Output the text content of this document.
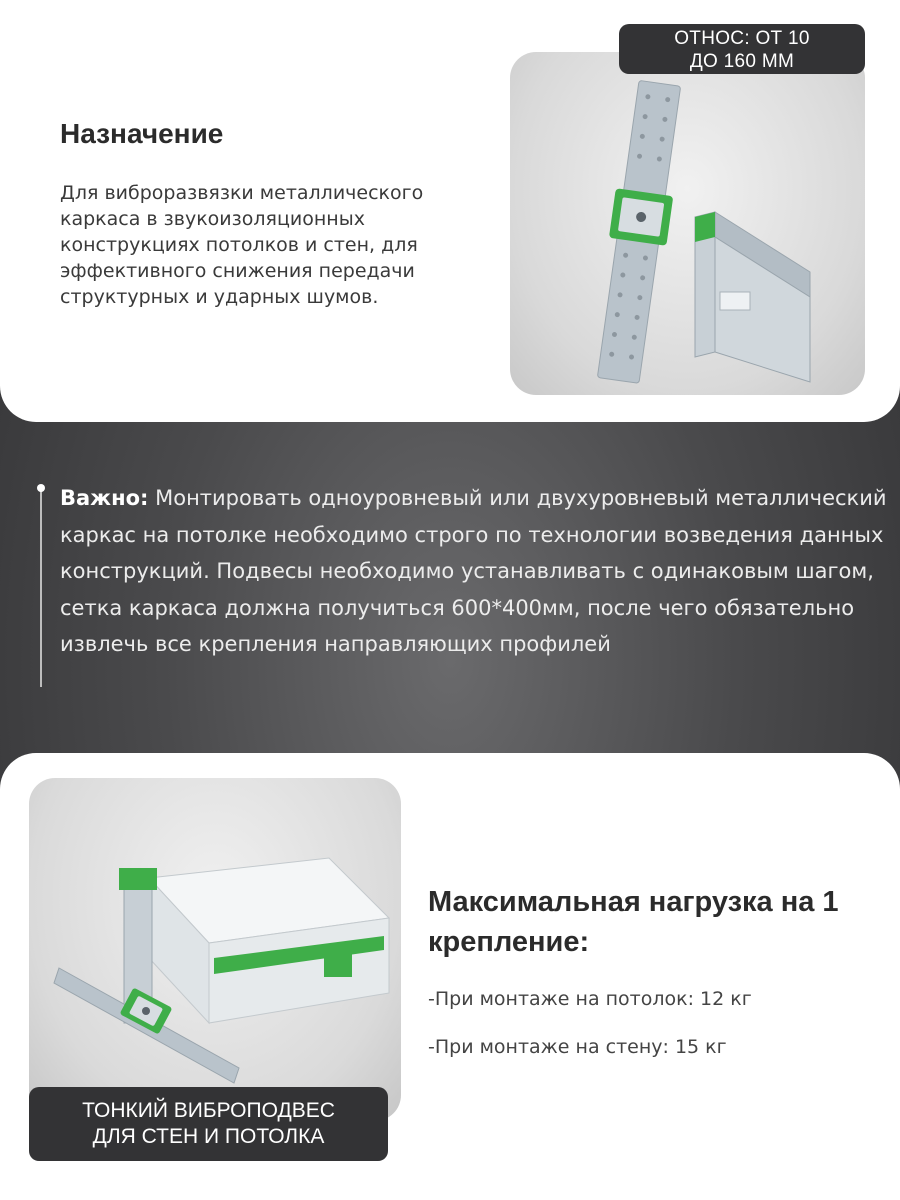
Назначение
Для виброразвязки металлического каркаса в звукоизоляционных конструкциях потолков и стен, для эффективного снижения передачи структурных и ударных шумов.
ОТНОС: ОТ 10
ДО 160 ММ
Важно: Монтировать одноуровневый или двухуровневый металлический каркас на потолке необходимо строго по технологии возведения данных конструкций. Подвесы необходимо устанавливать с одинаковым шагом, сетка каркаса должна получиться 600*400мм, после чего обязательно извлечь все крепления направляющих профилей
ТОНКИЙ ВИБРОПОДВЕС
ДЛЯ СТЕН И ПОТОЛКА
Максимальная нагрузка на 1 крепление:
-При монтаже на потолок: 12 кг
-При монтаже на стену: 15 кг
